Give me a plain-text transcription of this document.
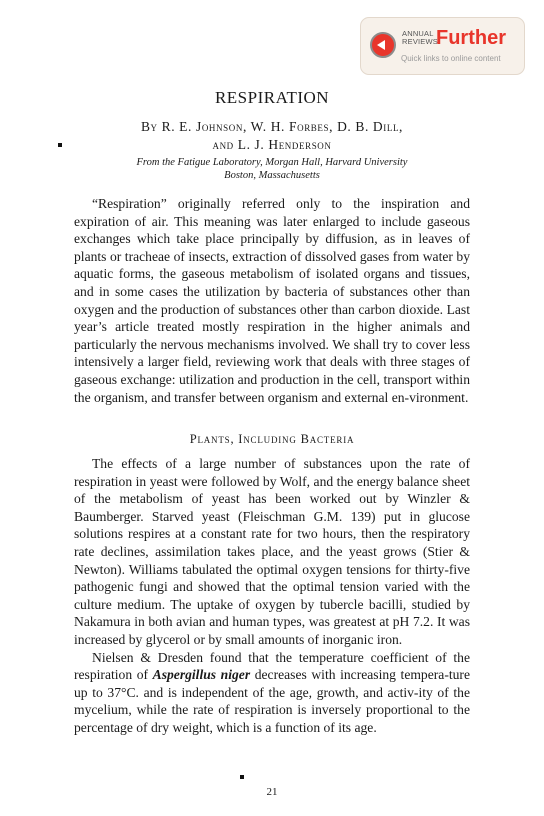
ANNUAL
REVIEWS
Further
Quick links to online content
RESPIRATION
By R. E. Johnson, W. H. Forbes, D. B. Dill,
and L. J. Henderson
From the Fatigue Laboratory, Morgan Hall, Harvard University
Boston, Massachusetts

“Respiration” originally referred only to the inspiration and expiration of air. This meaning was later enlarged to include gaseous exchanges which take place principally by diffusion, as in leaves of plants or tracheae of insects, extraction of dissolved gases from water by aquatic forms, the gaseous metabolism of isolated organs and tissues, and in some cases the utilization by bacteria of substances other than oxygen and the production of substances other than carbon dioxide. Last year’s article treated mostly respiration in the higher animals and particularly the nervous mechanisms involved. We shall try to cover less intensively a larger field, reviewing work that deals with three stages of gaseous exchange: utilization and production in the cell, transport within the organism, and transfer between organism and external en-vironment.

Plants, Including Bacteria

The effects of a large number of substances upon the rate of respiration in yeast were followed by Wolf, and the energy balance sheet of the metabolism of yeast has been worked out by Winzler & Baumberger. Starved yeast (Fleischman G.M. 139) put in glucose solutions respires at a constant rate for two hours, then the respiratory rate declines, assimilation takes place, and the yeast grows (Stier & Newton). Williams tabulated the optimal oxygen tensions for thirty-five pathogenic fungi and showed that the optimal tension varied with the culture medium. The uptake of oxygen by tubercle bacilli, studied by Nakamura in both avian and human types, was greatest at pH 7.2. It was increased by glycerol or by small amounts of inorganic iron.

Nielsen & Dresden found that the temperature coefficient of the respiration of Aspergillus niger decreases with increasing tempera-ture up to 37°C. and is independent of the age, growth, and activ-ity of the mycelium, while the rate of respiration is inversely proportional to the percentage of dry weight, which is a function of its age.

21
